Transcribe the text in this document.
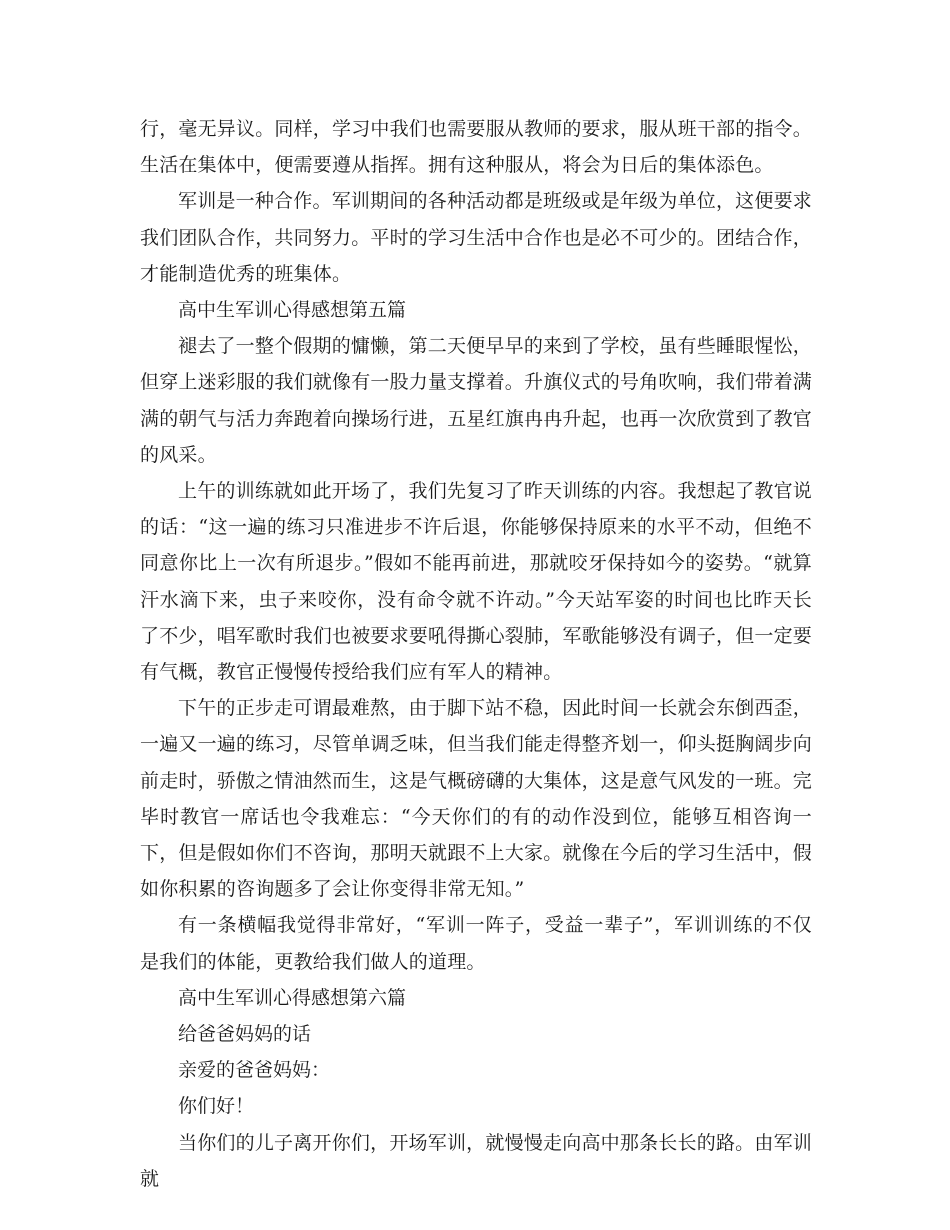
行，毫无异议。同样，学习中我们也需要服从教师的要求，服从班干部的指令。生活在集体中，便需要遵从指挥。拥有这种服从，将会为日后的集体添色。

军训是一种合作。军训期间的各种活动都是班级或是年级为单位，这便要求我们团队合作，共同努力。平时的学习生活中合作也是必不可少的。团结合作，才能制造优秀的班集体。

高中生军训心得感想第五篇

褪去了一整个假期的慵懒，第二天便早早的来到了学校，虽有些睡眼惺忪，但穿上迷彩服的我们就像有一股力量支撑着。升旗仪式的号角吹响，我们带着满满的朝气与活力奔跑着向操场行进，五星红旗冉冉升起，也再一次欣赏到了教官的风采。

上午的训练就如此开场了，我们先复习了昨天训练的内容。我想起了教官说的话：“这一遍的练习只准进步不许后退，你能够保持原来的水平不动，但绝不同意你比上一次有所退步。”假如不能再前进，那就咬牙保持如今的姿势。“就算汗水滴下来，虫子来咬你，没有命令就不许动。”今天站军姿的时间也比昨天长了不少，唱军歌时我们也被要求要吼得撕心裂肺，军歌能够没有调子，但一定要有气概，教官正慢慢传授给我们应有军人的精神。

下午的正步走可谓最难熬，由于脚下站不稳，因此时间一长就会东倒西歪，一遍又一遍的练习，尽管单调乏味，但当我们能走得整齐划一，仰头挺胸阔步向前走时，骄傲之情油然而生，这是气概磅礴的大集体，这是意气风发的一班。完毕时教官一席话也令我难忘：“今天你们的有的动作没到位，能够互相咨询一下，但是假如你们不咨询，那明天就跟不上大家。就像在今后的学习生活中，假如你积累的咨询题多了会让你变得非常无知。”

有一条横幅我觉得非常好，“军训一阵子，受益一辈子”，军训训练的不仅是我们的体能，更教给我们做人的道理。

高中生军训心得感想第六篇

给爸爸妈妈的话

亲爱的爸爸妈妈：

你们好！

当你们的儿子离开你们，开场军训，就慢慢走向高中那条长长的路。由军训就
